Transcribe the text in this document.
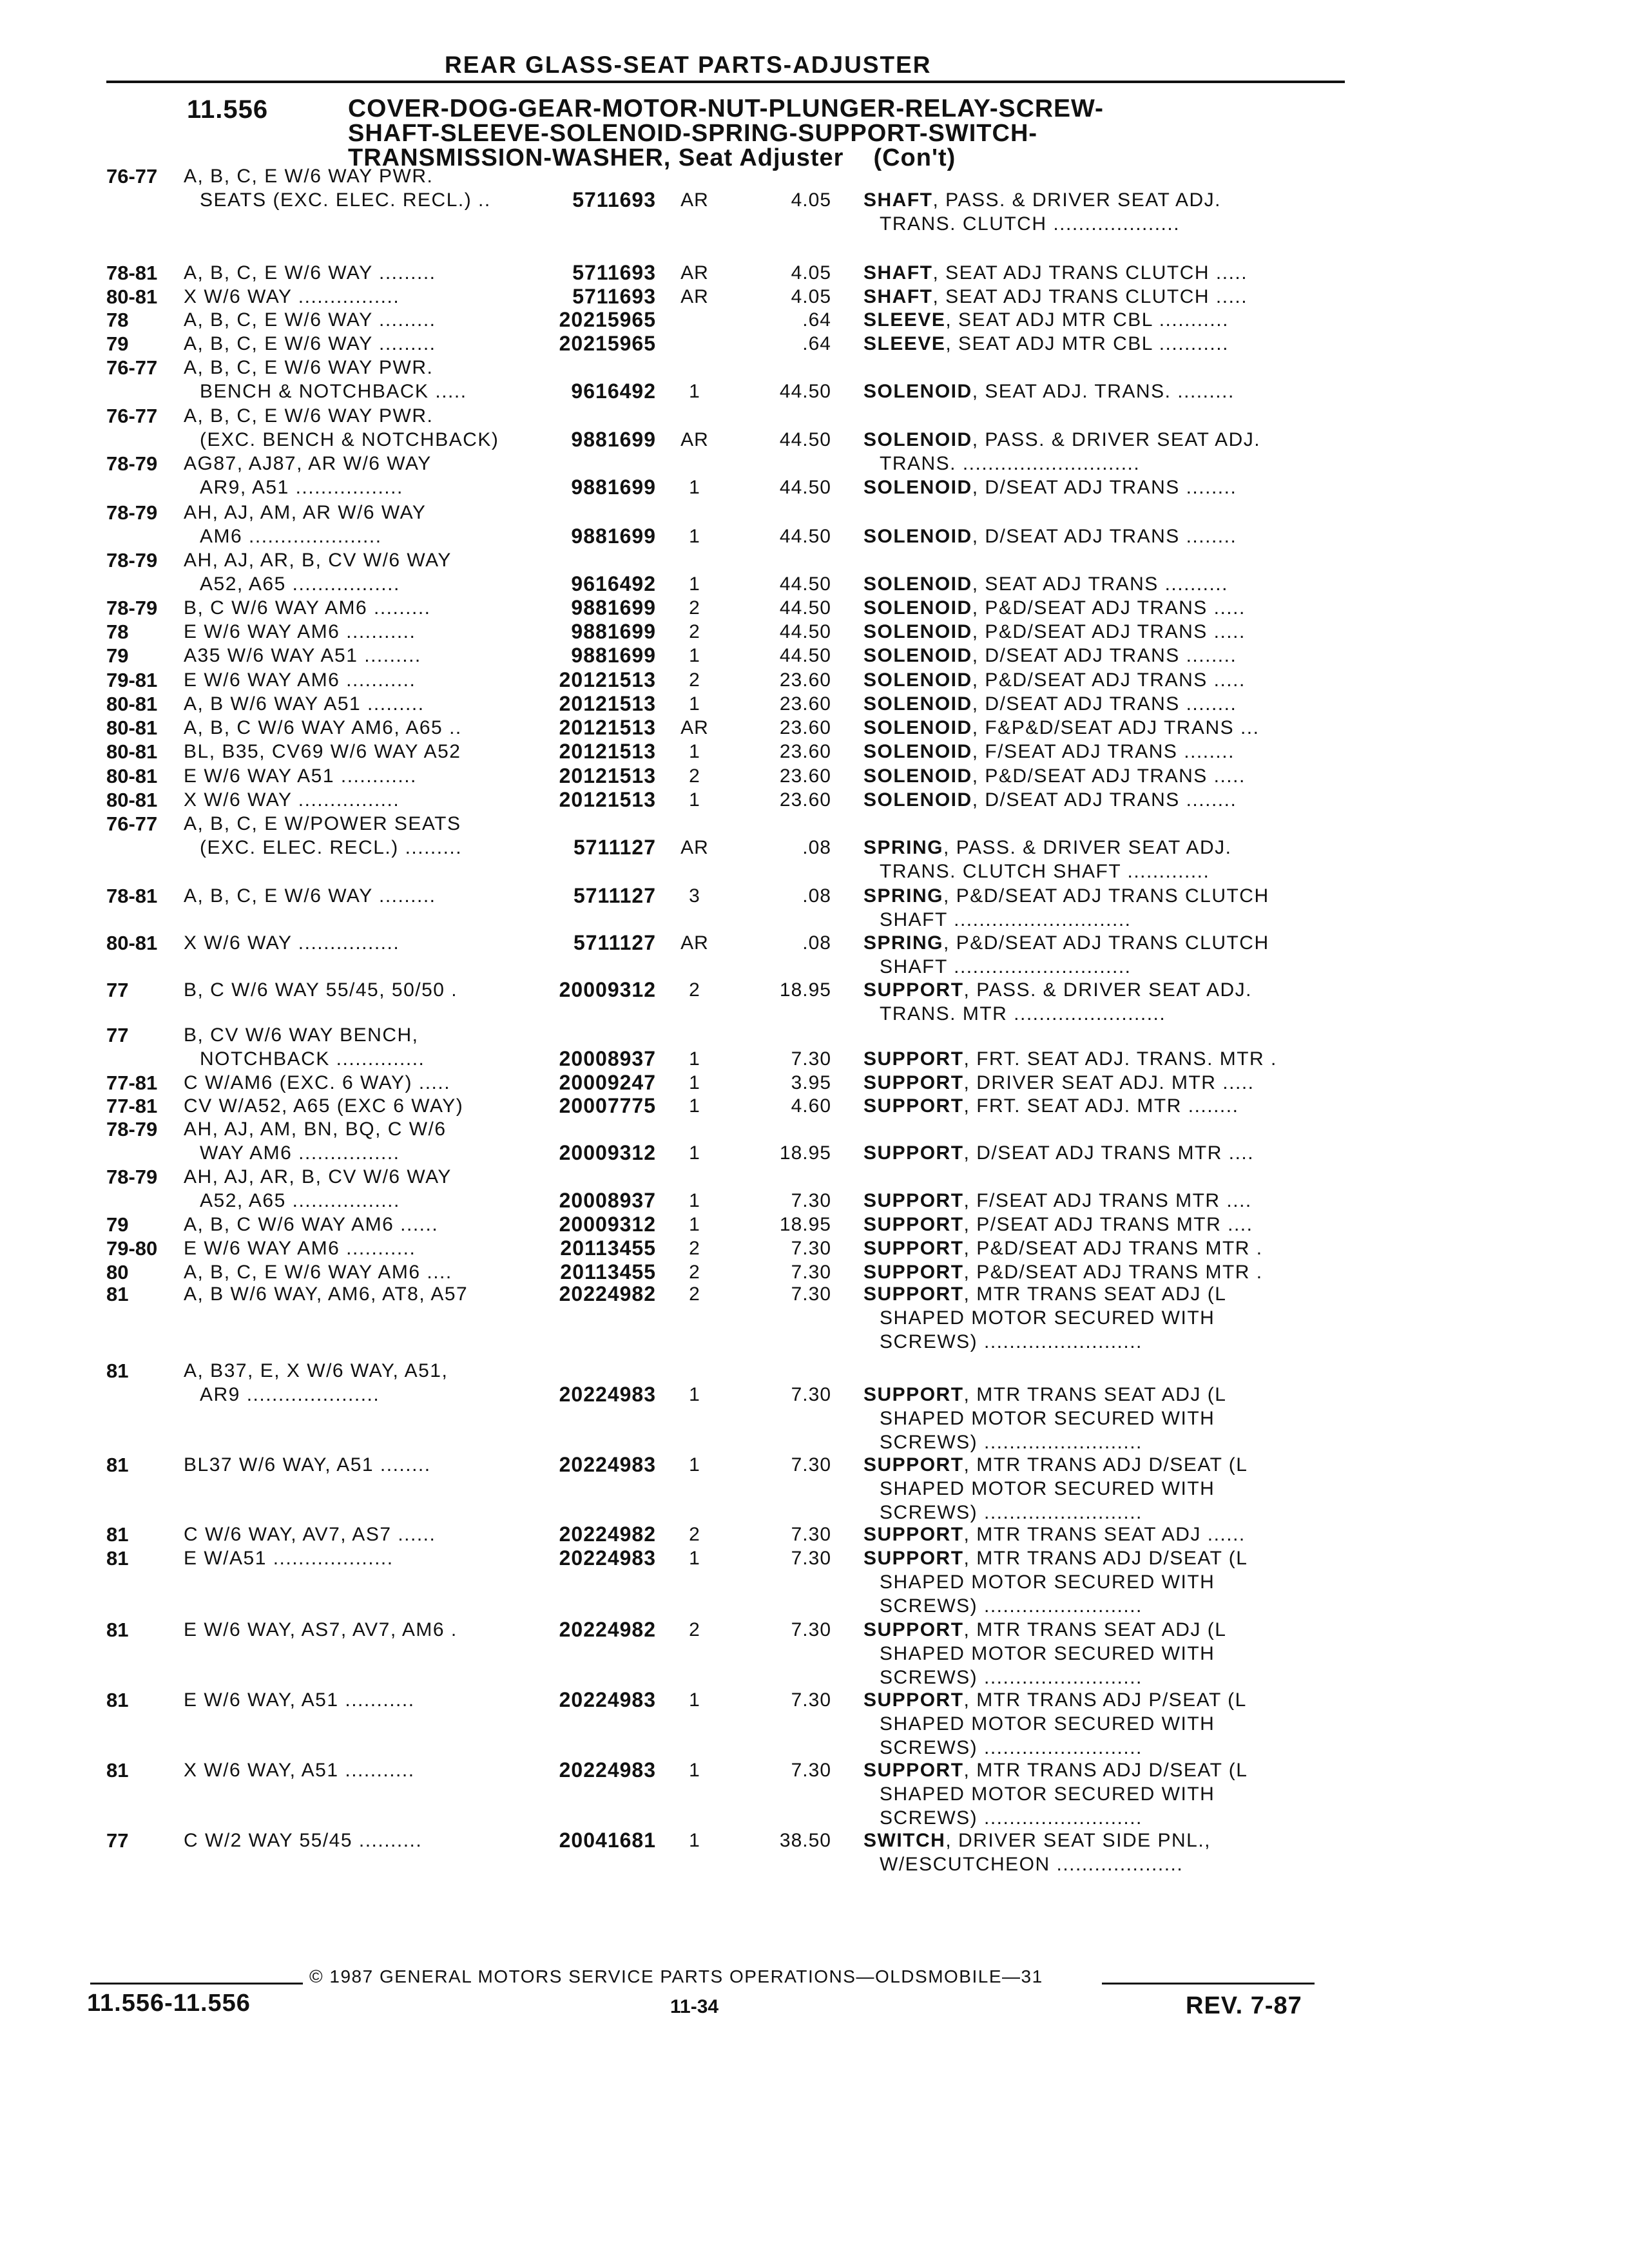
REAR GLASS-SEAT PARTS-ADJUSTER
11.556	COVER-DOG-GEAR-MOTOR-NUT-PLUNGER-RELAY-SCREW-
SHAFT-SLEEVE-SOLENOID-SPRING-SUPPORT-SWITCH-
TRANSMISSION-WASHER, Seat Adjuster (Con't)
76-77 A, B, C, E W/6 WAY PWR.
SEATS (EXC. ELEC. RECL.) ..	5711693 AR	4.05 SHAFT, PASS. & DRIVER SEAT ADJ.
TRANS. CLUTCH ....................
78-81 A, B, C, E W/6 WAY .........	5711693 AR	4.05 SHAFT, SEAT ADJ TRANS CLUTCH .....
80-81 X W/6 WAY ................	5711693 AR	4.05 SHAFT, SEAT ADJ TRANS CLUTCH .....
78	A, B, C, E W/6 WAY .........	20215965	.64 SLEEVE, SEAT ADJ MTR CBL ...........
79	A, B, C, E W/6 WAY .........	20215965	.64 SLEEVE, SEAT ADJ MTR CBL ...........
76-77 A, B, C, E W/6 WAY PWR.
BENCH & NOTCHBACK .....	9616492	1	44.50 SOLENOID, SEAT ADJ. TRANS. .........
76-77 A, B, C, E W/6 WAY PWR.
(EXC. BENCH & NOTCHBACK)	9881699 AR	44.50 SOLENOID, PASS. & DRIVER SEAT ADJ.
TRANS. ............................
78-79 AG87, AJ87, AR W/6 WAY
AR9, A51 .................	9881699	1	44.50 SOLENOID, D/SEAT ADJ TRANS ........
78-79 AH, AJ, AM, AR W/6 WAY
AM6 .....................	9881699	1	44.50 SOLENOID, D/SEAT ADJ TRANS ........
78-79 AH, AJ, AR, B, CV W/6 WAY
A52, A65 .................	9616492	1	44.50 SOLENOID, SEAT ADJ TRANS ..........
78-79 B, C W/6 WAY AM6 .........	9881699	2	44.50 SOLENOID, P&D/SEAT ADJ TRANS .....
78	E W/6 WAY AM6 ...........	9881699	2	44.50 SOLENOID, P&D/SEAT ADJ TRANS .....
79	A35 W/6 WAY A51 .........	9881699	1	44.50 SOLENOID, D/SEAT ADJ TRANS ........
79-81 E W/6 WAY AM6 ...........	20121513	2	23.60 SOLENOID, P&D/SEAT ADJ TRANS .....
80-81 A, B W/6 WAY A51 .........	20121513	1	23.60 SOLENOID, D/SEAT ADJ TRANS ........
80-81 A, B, C W/6 WAY AM6, A65 ..	20121513 AR	23.60 SOLENOID, F&P&D/SEAT ADJ TRANS ...
80-81 BL, B35, CV69 W/6 WAY A52	20121513	1	23.60 SOLENOID, F/SEAT ADJ TRANS ........
80-81 E W/6 WAY A51 ............	20121513	2	23.60 SOLENOID, P&D/SEAT ADJ TRANS .....
80-81 X W/6 WAY ................	20121513	1	23.60 SOLENOID, D/SEAT ADJ TRANS ........
76-77 A, B, C, E W/POWER SEATS
(EXC. ELEC. RECL.) .........	5711127 AR	.08 SPRING, PASS. & DRIVER SEAT ADJ.
TRANS. CLUTCH SHAFT .............
78-81 A, B, C, E W/6 WAY .........	5711127	3	.08 SPRING, P&D/SEAT ADJ TRANS CLUTCH
SHAFT ............................
80-81 X W/6 WAY ................	5711127 AR	.08 SPRING, P&D/SEAT ADJ TRANS CLUTCH
SHAFT ............................
77	B, C W/6 WAY 55/45, 50/50 .	20009312	2	18.95 SUPPORT, PASS. & DRIVER SEAT ADJ.
TRANS. MTR ........................
77	B, CV W/6 WAY BENCH,
NOTCHBACK ..............	20008937	1	7.30 SUPPORT, FRT. SEAT ADJ. TRANS. MTR .
77-81 C W/AM6 (EXC. 6 WAY) .....	20009247	1	3.95 SUPPORT, DRIVER SEAT ADJ. MTR .....
77-81 CV W/A52, A65 (EXC 6 WAY)	20007775	1	4.60 SUPPORT, FRT. SEAT ADJ. MTR ........
78-79 AH, AJ, AM, BN, BQ, C W/6
WAY AM6 ................	20009312	1	18.95 SUPPORT, D/SEAT ADJ TRANS MTR ....
78-79 AH, AJ, AR, B, CV W/6 WAY
A52, A65 .................	20008937	1	7.30 SUPPORT, F/SEAT ADJ TRANS MTR ....
79	A, B, C W/6 WAY AM6 ......	20009312	1	18.95 SUPPORT, P/SEAT ADJ TRANS MTR ....
79-80 E W/6 WAY AM6 ...........	20113455	2	7.30 SUPPORT, P&D/SEAT ADJ TRANS MTR .
80	A, B, C, E W/6 WAY AM6 ....	20113455	2	7.30 SUPPORT, P&D/SEAT ADJ TRANS MTR .
81	A, B W/6 WAY, AM6, AT8, A57	20224982	2	7.30 SUPPORT, MTR TRANS SEAT ADJ (L
SHAPED MOTOR SECURED WITH
SCREWS) .........................
81	A, B37, E, X W/6 WAY, A51,
AR9 .....................	20224983	1	7.30 SUPPORT, MTR TRANS SEAT ADJ (L
SHAPED MOTOR SECURED WITH
SCREWS) .........................
81	BL37 W/6 WAY, A51 ........	20224983	1	7.30 SUPPORT, MTR TRANS ADJ D/SEAT (L
SHAPED MOTOR SECURED WITH
SCREWS) .........................
81	C W/6 WAY, AV7, AS7 ......	20224982	2	7.30 SUPPORT, MTR TRANS SEAT ADJ ......
81	E W/A51 ...................	20224983	1	7.30 SUPPORT, MTR TRANS ADJ D/SEAT (L
SHAPED MOTOR SECURED WITH
SCREWS) .........................
81	E W/6 WAY, AS7, AV7, AM6 .	20224982	2	7.30 SUPPORT, MTR TRANS SEAT ADJ (L
SHAPED MOTOR SECURED WITH
SCREWS) .........................
81	E W/6 WAY, A51 ...........	20224983	1	7.30 SUPPORT, MTR TRANS ADJ P/SEAT (L
SHAPED MOTOR SECURED WITH
SCREWS) .........................
81	X W/6 WAY, A51 ...........	20224983	1	7.30 SUPPORT, MTR TRANS ADJ D/SEAT (L
SHAPED MOTOR SECURED WITH
SCREWS) .........................
77	C W/2 WAY 55/45 ..........	20041681	1	38.50 SWITCH, DRIVER SEAT SIDE PNL.,
W/ESCUTCHEON ....................
© 1987 GENERAL MOTORS SERVICE PARTS OPERATIONS—OLDSMOBILE—31
11.556-11.556	11-34	REV. 7-87
